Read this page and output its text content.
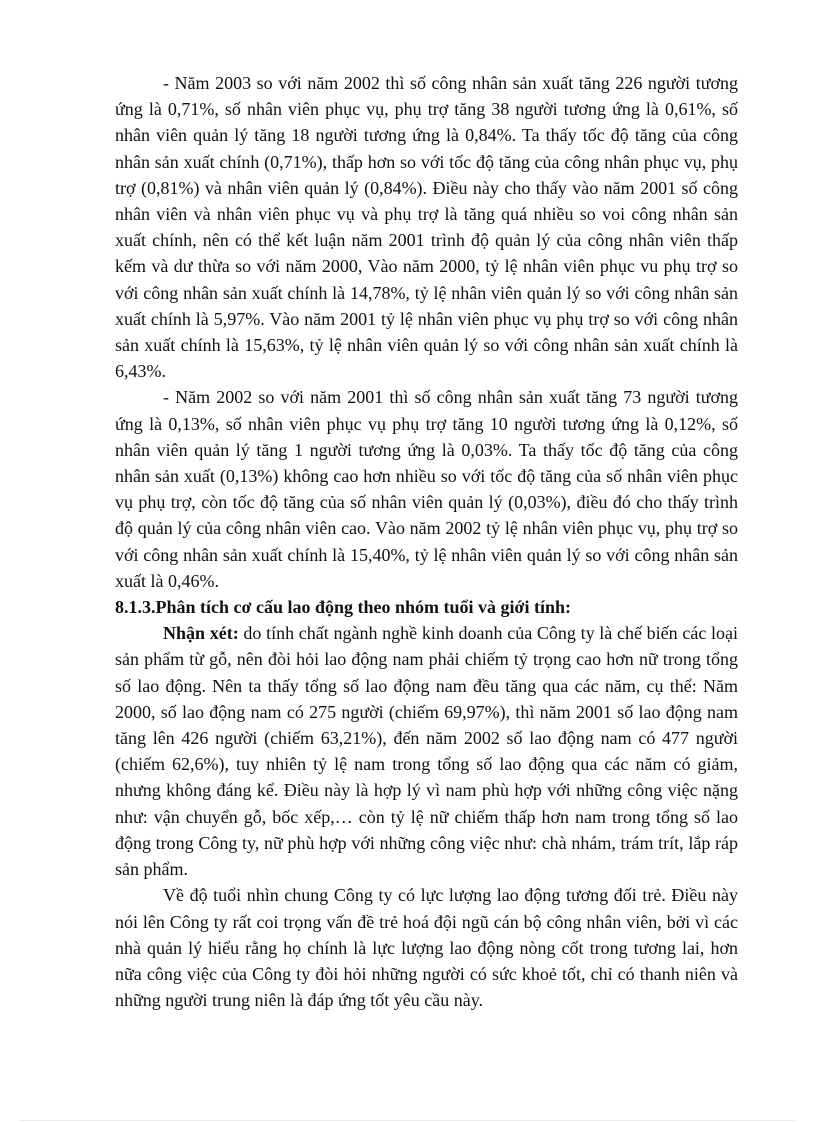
- Năm 2003 so với năm 2002 thì số công nhân sản xuất tăng 226 người tương ứng là 0,71%, số nhân viên phục vụ, phụ trợ tăng 38 người tương ứng là 0,61%, số nhân viên quản lý tăng 18 người tương ứng là 0,84%. Ta thấy tốc độ tăng của công nhân sản xuất chính (0,71%), thấp hơn so với tốc độ tăng của công nhân phục vụ, phụ trợ (0,81%) và nhân viên quản lý (0,84%). Điều này cho thấy vào năm 2001 số công nhân viên và nhân viên phục vụ và phụ trợ là tăng quá nhiều so voi công nhân sản xuất chính, nên có thể kết luận năm 2001 trình độ quản lý của công nhân viên thấp kếm và dư thừa so với năm 2000, Vào năm 2000, tỷ lệ nhân viên phục vu phụ trợ so với công nhân sản xuất chính là 14,78%, tỷ lệ nhân viên quản lý so với công nhân sản xuất chính là 5,97%. Vào năm 2001 tỷ lệ nhân viên phục vụ phụ trợ so với công nhân sản xuất chính là 15,63%, tỷ lệ nhân viên quản lý so với công nhân sản xuất chính là 6,43%.

- Năm 2002 so với năm 2001 thì số công nhân sản xuất tăng 73 người tương ứng là 0,13%, số nhân viên phục vụ phụ trợ tăng 10 người tương ứng là 0,12%, số nhân viên quản lý tăng 1 người tương ứng là 0,03%. Ta thấy tốc độ tăng của công nhân sản xuất (0,13%) không cao hơn nhiều so với tốc độ tăng của số nhân viên phục vụ phụ trợ, còn tốc độ tăng của số nhân viên quản lý (0,03%), điều đó cho thấy trình độ quản lý của công nhân viên cao. Vào năm 2002 tỷ lệ nhân viên phục vụ, phụ trợ so với công nhân sản xuất chính là 15,40%, tỷ lệ nhân viên quản lý so với công nhân sản xuất là 0,46%.

8.1.3.Phân tích cơ cấu lao động theo nhóm tuổi và giới tính:

Nhận xét: do tính chất ngành nghề kinh doanh của Công ty là chế biến các loại sản phẩm từ gỗ, nên đòi hỏi lao động nam phải chiếm tỷ trọng cao hơn nữ trong tổng số lao động. Nên ta thấy tổng số lao động nam đều tăng qua các năm, cụ thể: Năm 2000, số lao động nam có 275 người (chiếm 69,97%), thì năm 2001 số lao động nam tăng lên 426 người (chiếm 63,21%), đến năm 2002 số lao động nam có 477 người (chiếm 62,6%), tuy nhiên tỷ lệ nam trong tổng số lao động qua các năm có giảm, nhưng không đáng kể. Điều này là hợp lý vì nam phù hợp với những công việc nặng như: vận chuyển gỗ, bốc xếp,… còn tỷ lệ nữ chiếm thấp hơn nam trong tổng số lao động trong Công ty, nữ phù hợp với những công việc như: chà nhám, trám trít, lắp ráp sản phẩm.

Về độ tuổi nhìn chung Công ty có lực lượng lao động tương đối trẻ. Điều này nói lên Công ty rất coi trọng vấn đề trẻ hoá đội ngũ cán bộ công nhân viên, bởi vì các nhà quản lý hiểu rằng họ chính là lực lượng lao động nòng cốt trong tương lai, hơn nữa công việc của Công ty đòi hỏi những người có sức khoẻ tốt, chỉ có thanh niên và những người trung niên là đáp ứng tốt yêu cầu này.
